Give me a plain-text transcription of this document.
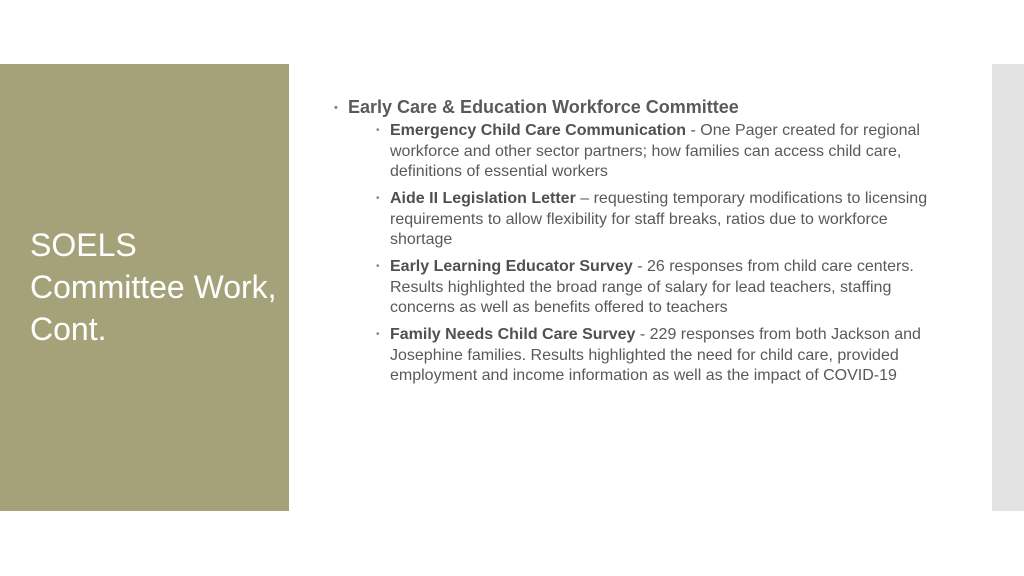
SOELS Committee Work, Cont.
• Early Care & Education Workforce Committee
• Emergency Child Care Communication - One Pager created for regional workforce and other sector partners; how families can access child care, definitions of essential workers
• Aide II Legislation Letter – requesting temporary modifications to licensing requirements to allow flexibility for staff breaks, ratios due to workforce shortage
• Early Learning Educator Survey - 26 responses from child care centers. Results highlighted the broad range of salary for lead teachers, staffing concerns as well as benefits offered to teachers
• Family Needs Child Care Survey - 229 responses from both Jackson and Josephine families. Results highlighted the need for child care, provided employment and income information as well as the impact of COVID-19
